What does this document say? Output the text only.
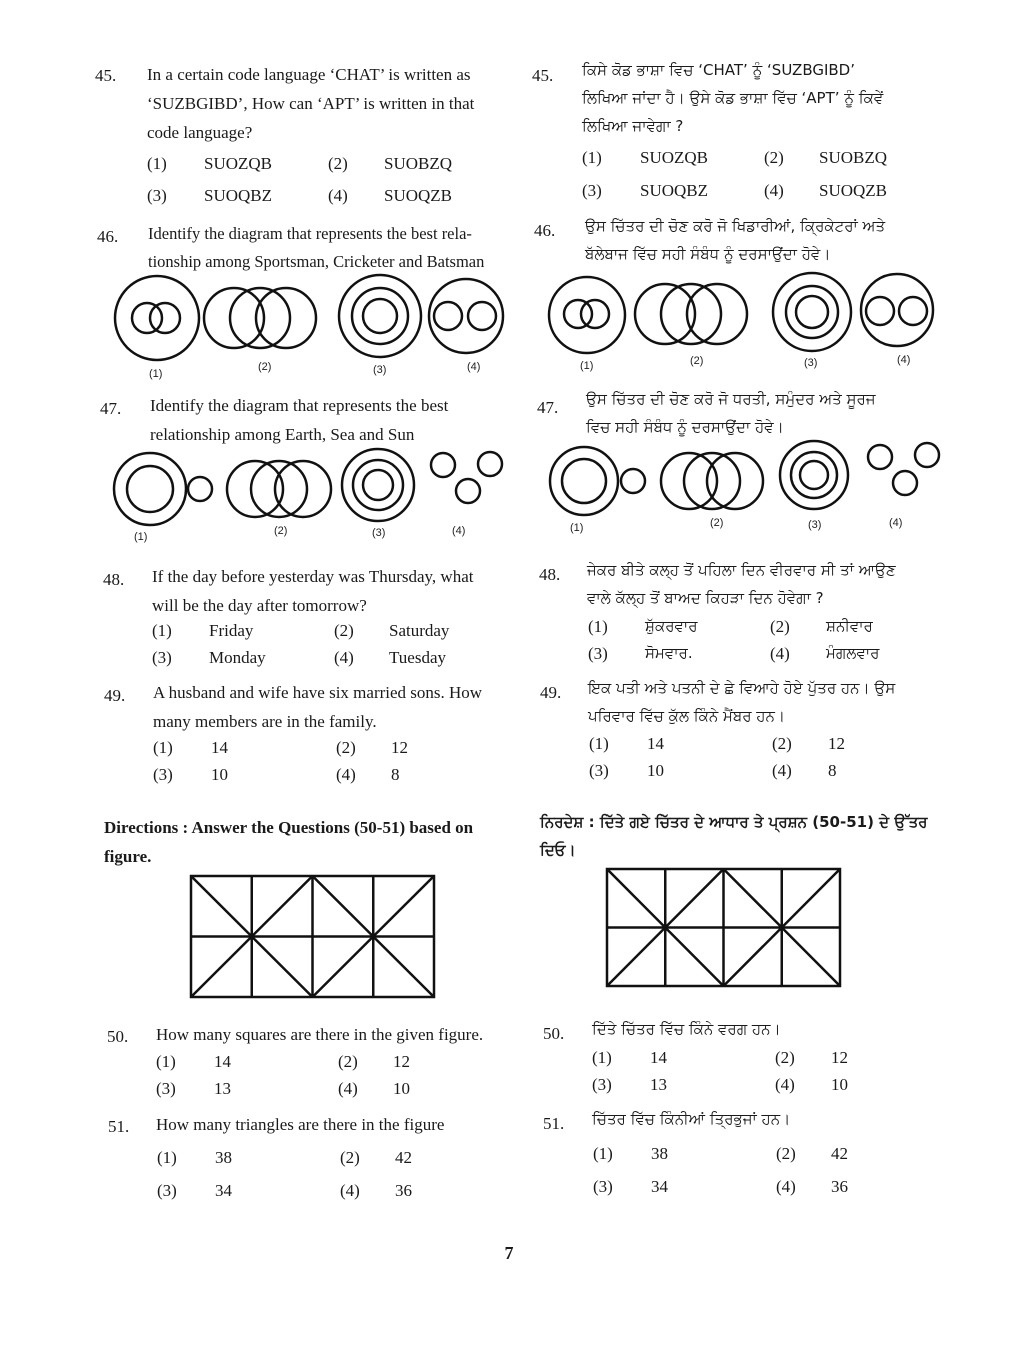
45.	In a certain code language ‘CHAT’ is written as
‘SUZBGIBD’, How can ‘APT’ is written in that
code language?
(1) SUOZQB	(2) SUOBZQ
(3) SUOQBZ	(4) SUOQZB
46.	Identify the diagram that represents the best rela-
tionship among Sportsman, Cricketer and Batsman
(1)
(2)	(3)	(4)
47.	Identify the diagram that represents the best
relationship among Earth, Sea and Sun
(1)	(2)	(3)	(4)
48.	If the day before yesterday was Thursday, what
will be the day after tomorrow?
(1) Friday	(2) Saturday
(3) Monday	(4) Tuesday
49.	A husband and wife have six married sons. How
many members are in the family.
(1) 14	(2) 12
(3) 10	(4) 8
Directions : Answer the Questions (50-51) based on
figure.
50.	How many squares are there in the given figure.
(1) 14	(2) 12
(3) 13	(4) 10
51.	How many triangles are there in the figure
(1) 38	(2) 42
(3) 34	(4) 36
45.	ਕਿਸੇ ਕੋਡ ਭਾਸ਼ਾ ਵਿਚ ‘CHAT’ ਨੂੰ ‘SUZBGIBD’
ਲਿਖਿਆ ਜਾਂਦਾ ਹੈ। ਉਸੇ ਕੋਡ ਭਾਸ਼ਾ ਵਿੱਚ ‘APT’ ਨੂੰ ਕਿਵੇਂ
ਲਿਖਿਆ ਜਾਵੇਗਾ ?
(1) SUOZQB	(2) SUOBZQ
(3) SUOQBZ	(4) SUOQZB
46.	ਉਸ ਚਿੱਤਰ ਦੀ ਚੋਣ ਕਰੋ ਜੋ ਖਿਡਾਰੀਆਂ, ਕ੍ਰਿਕੇਟਰਾਂ ਅਤੇ
ਬੱਲੇਬਾਜ ਵਿੱਚ ਸਹੀ ਸੰਬੰਧ ਨੂੰ ਦਰਸਾਉਂਦਾ ਹੋਵੇ।
(1)	(2)	(3)	(4)
47.	ਉਸ ਚਿੱਤਰ ਦੀ ਚੋਣ ਕਰੋ ਜੋ ਧਰਤੀ, ਸਮੁੰਦਰ ਅਤੇ ਸੂਰਜ
ਵਿਚ ਸਹੀ ਸੰਬੰਧ ਨੂੰ ਦਰਸਾਉਂਦਾ ਹੋਵੇ।
(1)	(2)	(3)	(4)
48.	ਜੇਕਰ ਬੀਤੇ ਕਲ੍ਹ ਤੋਂ ਪਹਿਲਾ ਦਿਨ ਵੀਰਵਾਰ ਸੀ ਤਾਂ ਆਉਣ
ਵਾਲੇ ਕੱਲ੍ਹ ਤੋਂ ਬਾਅਦ ਕਿਹੜਾ ਦਿਨ ਹੋਵੇਗਾ ?
(1) ਸ਼ੁੱਕਰਵਾਰ	(2) ਸ਼ਨੀਵਾਰ
(3) ਸੋਮਵਾਰ.	(4) ਮੰਗਲਵਾਰ
49.	ਇਕ ਪਤੀ ਅਤੇ ਪਤਨੀ ਦੇ ਛੇ ਵਿਆਹੇ ਹੋਏ ਪੁੱਤਰ ਹਨ। ਉਸ
ਪਰਿਵਾਰ ਵਿੱਚ ਕੁੱਲ ਕਿੰਨੇ ਮੈਂਬਰ ਹਨ।
(1) 14	(2) 12
(3) 10	(4) 8
ਨਿਰਦੇਸ਼ : ਦਿੱਤੇ ਗਏ ਚਿੱਤਰ ਦੇ ਆਧਾਰ ਤੇ ਪ੍ਰਸ਼ਨ (50-51) ਦੇ ਉੱਤਰ
ਦਿਓ।
50.	ਦਿੱਤੇ ਚਿੱਤਰ ਵਿੱਚ ਕਿੰਨੇ ਵਰਗ ਹਨ।
(1) 14	(2) 12
(3) 13	(4) 10
51.	ਚਿੱਤਰ ਵਿੱਚ ਕਿੰਨੀਆਂ ਤ੍ਰਿਭੁਜਾਂ ਹਨ।
(1) 38	(2) 42
(3) 34	(4) 36
7
